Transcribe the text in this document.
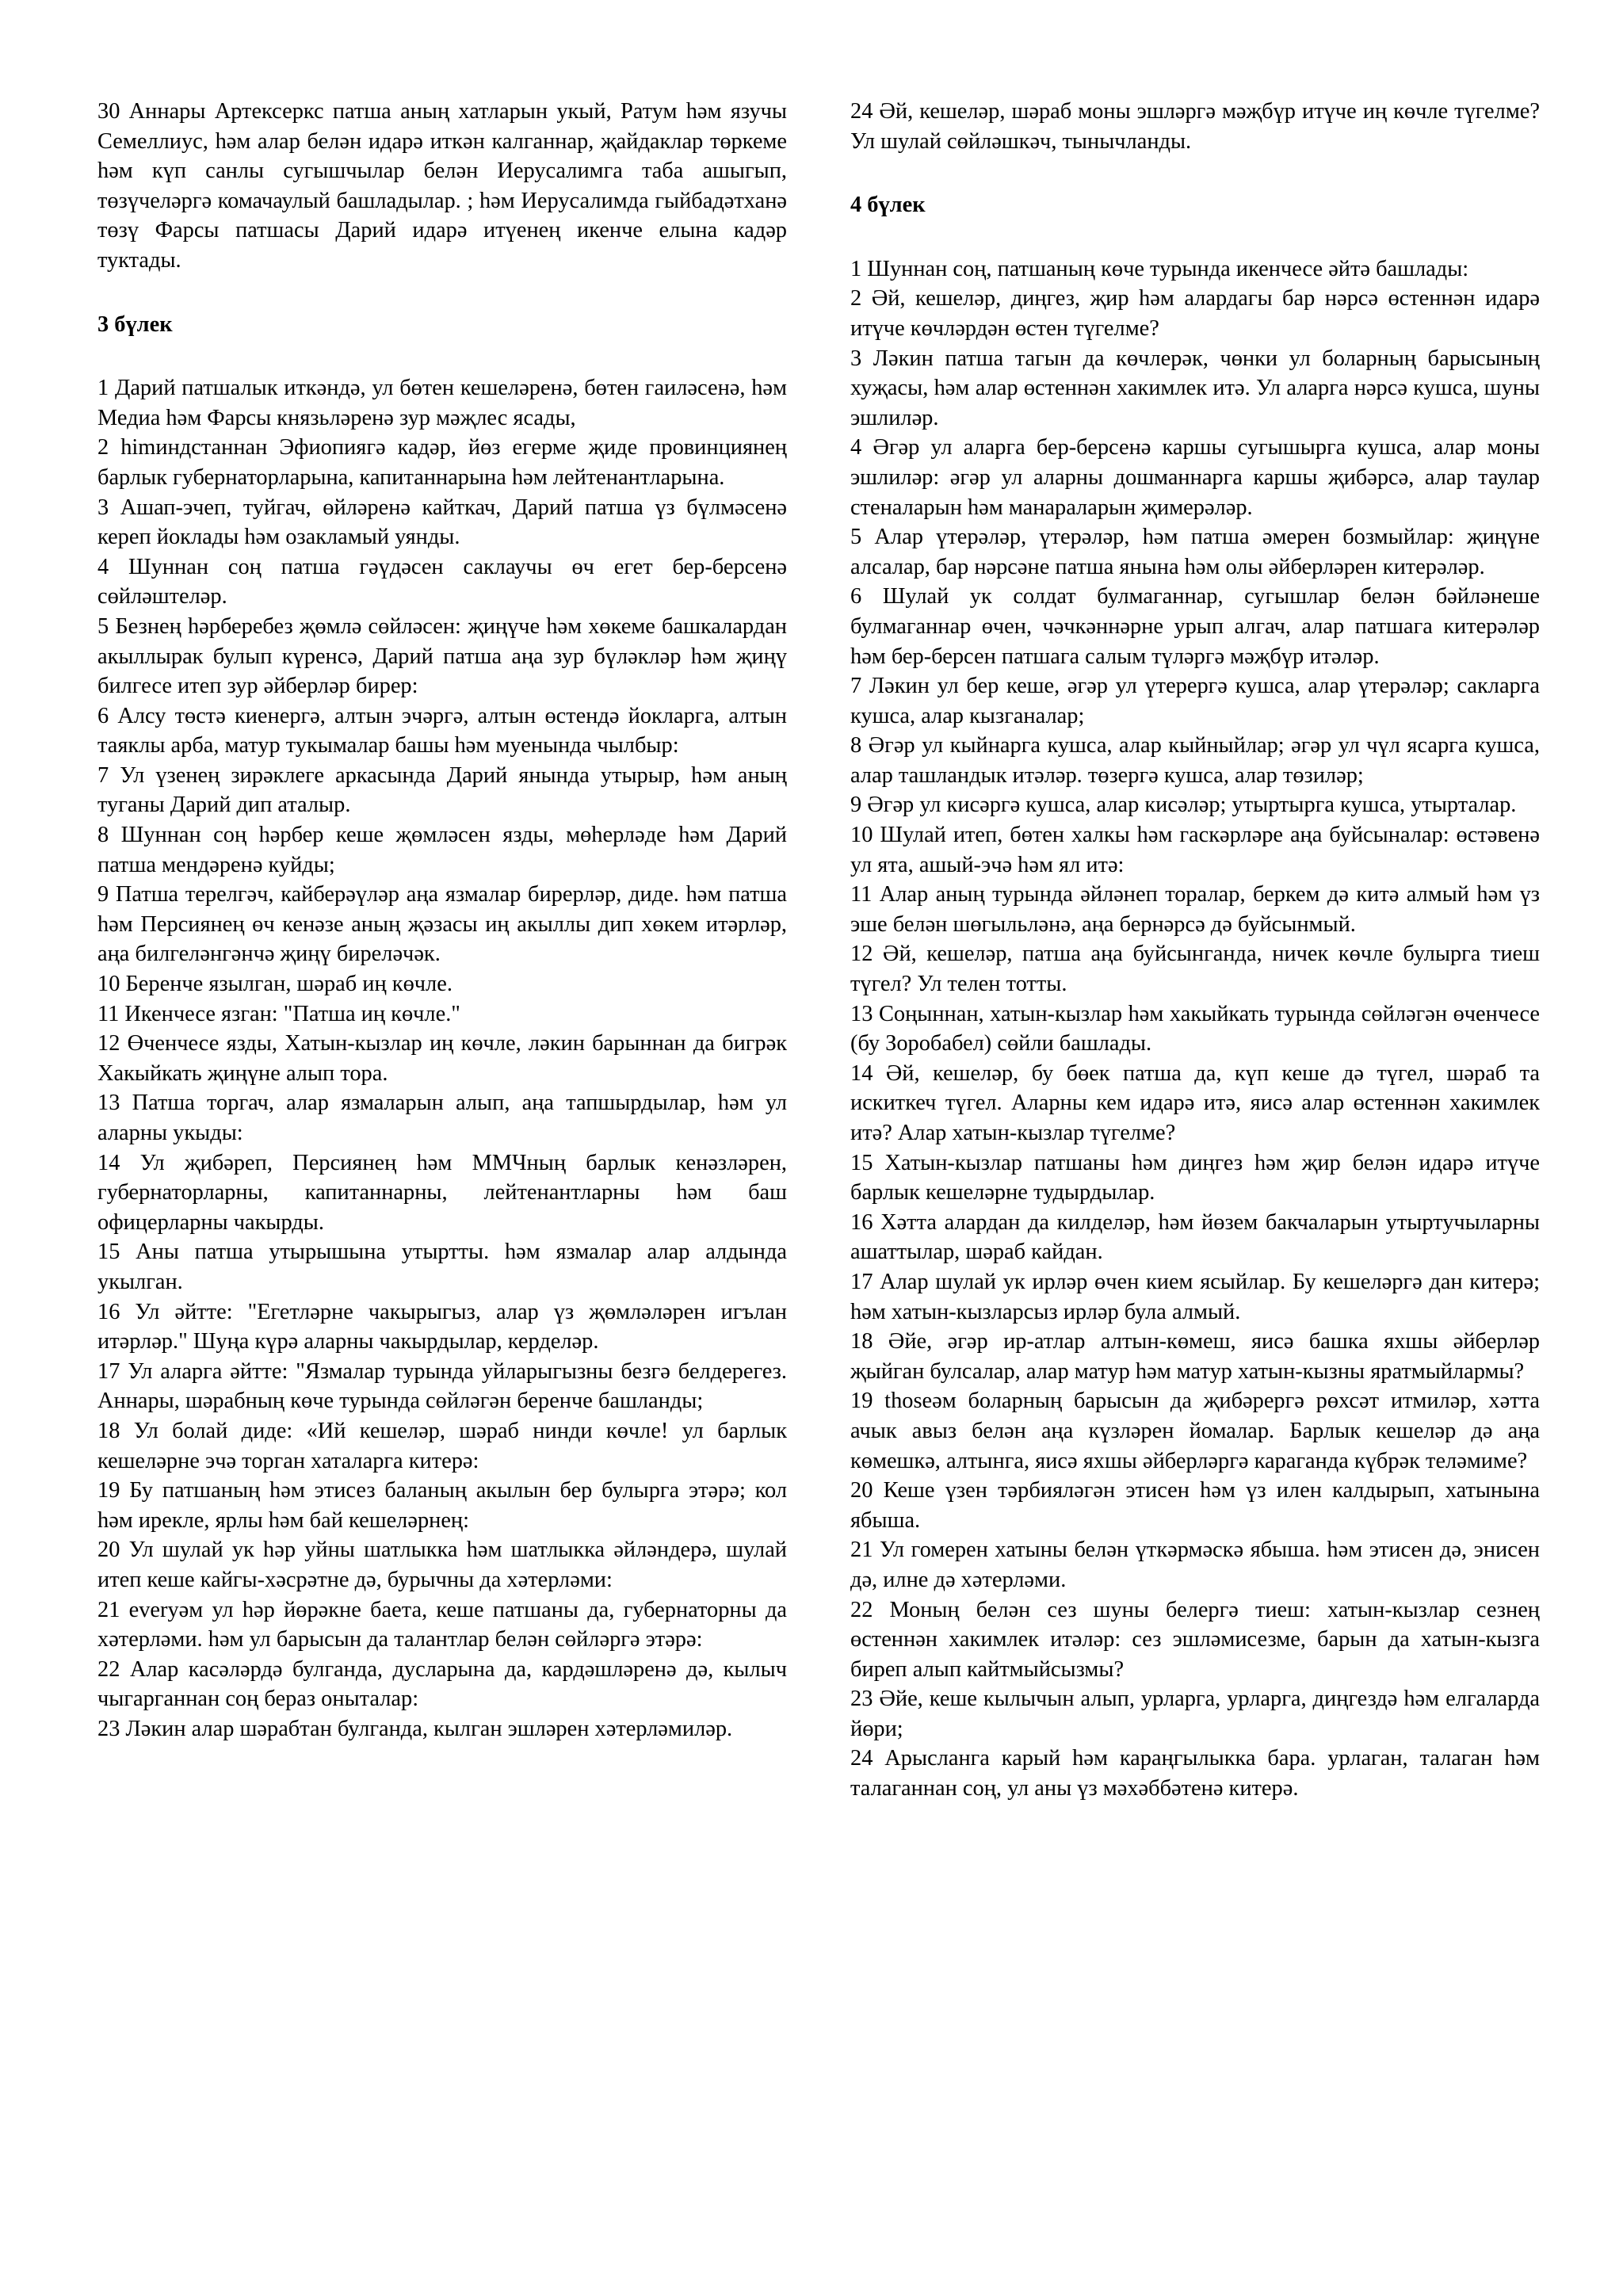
30 Аннары Артексеркс патша аның хатларын укый, Ратум һәм язучы Семеллиус, һәм алар белән идарә иткән калганнар, җайдаклар төркеме һәм күп санлы сугышчылар белән Иерусалимга таба ашыгып, төзүчеләргә комачаулый башладылар. ; һәм Иерусалимда гыйбадәтханә төзү Фарсы патшасы Дарий идарә итүенең икенче елына кадәр туктады.

3 бүлек

1 Дарий патшалык иткәндә, ул бөтен кешеләренә, бөтен гаиләсенә, һәм Медиа һәм Фарсы князьләренә зур мәҗлес ясады,

2 hіmиндстаннан Эфиопиягә кадәр, йөз егерме җиде провинциянең барлык губернаторларына, капитаннарына һәм лейтенантларына.

3 Ашап-эчеп, туйгач, өйләренә кайткач, Дарий патша үз бүлмәсенә кереп йоклады һәм озакламый уянды.

4 Шуннан соң патша гәүдәсен саклаучы өч егет бер-берсенә сөйләштеләр.

5 Безнең һәрберебез җөмлә сөйләсен: җиңүче һәм хөкеме башкалардан акыллырак булып күренсә, Дарий патша аңа зур бүләкләр һәм җиңү билгесе итеп зур әйберләр бирер:

6 Алсу төстә киенергә, алтын эчәргә, алтын өстендә йокларга, алтын таяклы арба, матур тукымалар башы һәм муенында чылбыр:

7 Ул үзенең зирәклеге аркасында Дарий янында утырыр, һәм аның туганы Дарий дип аталыр.

8 Шуннан соң һәрбер кеше җөмләсен язды, мөһерләде һәм Дарий патша мендәренә куйды;

9 Патша терелгәч, кайберәүләр аңа язмалар бирерләр, диде. һәм патша һәм Персиянең өч кенәзе аның җәзасы иң акыллы дип хөкем итәрләр, аңа билгеләнгәнчә җиңү биреләчәк.

10 Беренче язылган, шәраб иң көчле.

11 Икенчесе язган: "Патша иң көчле."

12 Өченчесе язды, Хатын-кызлар иң көчле, ләкин барыннан да бигрәк Хакыйкать җиңүне алып тора.

13 Патша торгач, алар язмаларын алып, аңа тапшырдылар, һәм ул аларны укыды:

14 Ул җибәреп, Персиянең һәм ММЧның барлык кенәзләрен, губернаторларны, капитаннарны, лейтенантларны һәм баш офицерларны чакырды.

15 Аны патша утырышына утыртты. һәм язмалар алар алдында укылган.

16 Ул әйтте: "Егетләрне чакырыгыз, алар үз җөмләләрен игълан итәрләр." Шуңа күрә аларны чакырдылар, керделәр.

17 Ул аларга әйтте: "Язмалар турында уйларыгызны безгә белдерегез. Аннары, шәрабның көче турында сөйләгән беренче башланды;

18 Ул болай диде: «Ий кешеләр, шәраб нинди көчле! ул барлык кешеләрне эчә торган хаталарга китерә:

19 Бу патшаның һәм этисез баланың акылын бер булырга этәрә; кол һәм ирекле, ярлы һәм бай кешеләрнең:

20 Ул шулай ук һәр уйны шатлыкка һәм шатлыкка әйләндерә, шулай итеп кеше кайгы-хәсрәтне дә, бурычны да хәтерләми:

21 everyәм ул һәр йөрәкне баета, кеше патшаны да, губернаторны да хәтерләми. һәм ул барысын да талантлар белән сөйләргә этәрә:

22 Алар касәләрдә булганда, дусларына да, кардәшләренә дә, кылыч чыгарганнан соң бераз оныталар:

23 Ләкин алар шәрабтан булганда, кылган эшләрен хәтерләмиләр.

24 Әй, кешеләр, шәраб моны эшләргә мәҗбүр итүче иң көчле түгелме? Ул шулай сөйләшкәч, тынычланды.

4 бүлек

1 Шуннан соң, патшаның көче турында икенчесе әйтә башлады:

2 Әй, кешеләр, диңгез, җир һәм алардагы бар нәрсә өстеннән идарә итүче көчләрдән өстен түгелме?

3 Ләкин патша тагын да көчлерәк, чөнки ул боларның барысының хуҗасы, һәм алар өстеннән хакимлек итә. Ул аларга нәрсә кушса, шуны эшлиләр.

4 Әгәр ул аларга бер-берсенә каршы сугышырга кушса, алар моны эшлиләр: әгәр ул аларны дошманнарга каршы җибәрсә, алар таулар стеналарын һәм манараларын җимерәләр.

5 Алар үтерәләр, үтерәләр, һәм патша әмерен бозмыйлар: җиңүне алсалар, бар нәрсәне патша янына һәм олы әйберләрен китерәләр.

6 Шулай ук солдат булмаганнар, сугышлар белән бәйләнеше булмаганнар өчен, чәчкәннәрне урып алгач, алар патшага китерәләр һәм бер-берсен патшага салым түләргә мәҗбүр итәләр.

7 Ләкин ул бер кеше, әгәр ул үтерергә кушса, алар үтерәләр; сакларга кушса, алар кызганалар;

8 Әгәр ул кыйнарга кушса, алар кыйныйлар; әгәр ул чүл ясарга кушса, алар ташландык итәләр. төзергә кушса, алар төзиләр;

9 Әгәр ул кисәргә кушса, алар кисәләр; утыртырга кушса, утырталар.

10 Шулай итеп, бөтен халкы һәм гаскәрләре аңа буйсыналар: өстәвенә ул ята, ашый-эчә һәм ял итә:

11 Алар аның турында әйләнеп торалар, беркем дә китә алмый һәм үз эше белән шөгыльләнә, аңа бернәрсә дә буйсынмый.

12 Әй, кешеләр, патша аңа буйсынганда, ничек көчле булырга тиеш түгел? Ул телен тотты.

13 Соңыннан, хатын-кызлар һәм хакыйкать турында сөйләгән өченчесе (бу Зоробабел) сөйли башлады.

14 Әй, кешеләр, бу бөек патша да, күп кеше дә түгел, шәраб та искиткеч түгел. Аларны кем идарә итә, яисә алар өстеннән хакимлек итә? Алар хатын-кызлар түгелме?

15 Хатын-кызлар патшаны һәм диңгез һәм җир белән идарә итүче барлык кешеләрне тудырдылар.

16 Хәтта алардан да килделәр, һәм йөзем бакчаларын утыртучыларны ашаттылар, шәраб кайдан.

17 Алар шулай ук ирләр өчен кием ясыйлар. Бу кешеләргә дан китерә; һәм хатын-кызларсыз ирләр була алмый.

18 Әйе, әгәр ир-атлар алтын-көмеш, яисә башка яхшы әйберләр җыйган булсалар, алар матур һәм матур хатын-кызны яратмыйлармы?

19 thoseәм боларның барысын да җибәрергә рөхсәт итмиләр, хәтта ачык авыз белән аңа күзләрен йомалар. Барлык кешеләр дә аңа көмешкә, алтынга, яисә яхшы әйберләргә караганда күбрәк теләмиме?

20 Кеше үзен тәрбияләгән этисен һәм үз илен калдырып, хатынына ябыша.

21 Ул гомерен хатыны белән үткәрмәскә ябыша. һәм этисен дә, энисен дә, илне дә хәтерләми.

22 Моның белән сез шуны белергә тиеш: хатын-кызлар сезнең өстеннән хакимлек итәләр: сез эшләмисезме, барын да хатын-кызга биреп алып кайтмыйсызмы?

23 Әйе, кеше кылычын алып, урларга, урларга, диңгездә һәм елгаларда йөри;

24 Арысланга карый һәм караңгылыкка бара. урлаган, талаган һәм талаганнан соң, ул аны үз мәхәббәтенә китерә.
